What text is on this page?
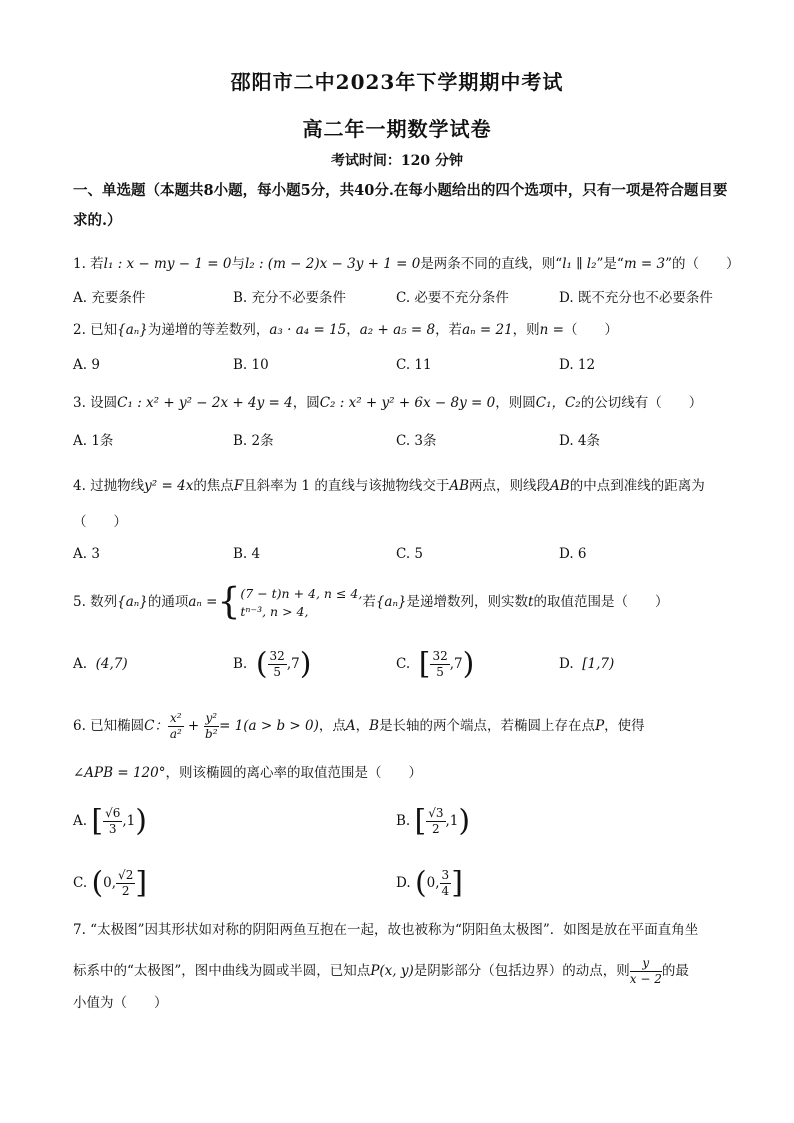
邵阳市二中2023年下学期期中考试
高二年一期数学试卷
考试时间：120 分钟
一、单选题（本题共8小题，每小题5分，共40分.在每小题给出的四个选项中，只有一项是符合题目要求的.）
1. 若l₁ : x − my − 1 = 0与l₂ : (m − 2)x − 3y + 1 = 0是两条不同的直线，则“l₁ ∥ l₂”是“m = 3”的（　　）
A. 充要条件	B. 充分不必要条件	C. 必要不充分条件	D. 既不充分也不必要条件
2. 已知{aₙ}为递增的等差数列，a₃ · a₄ = 15，a₂ + a₅ = 8，若aₙ = 21，则n =（　　）
A. 9	B. 10	C. 11	D. 12
3. 设圆C₁ : x² + y² − 2x + 4y = 4，圆C₂ : x² + y² + 6x − 8y = 0，则圆C₁，C₂的公切线有（　　）
A. 1条	B. 2条	C. 3条	D. 4条
4. 过抛物线y² = 4x的焦点F且斜率为 1 的直线与该抛物线交于AB两点，则线段AB的中点到准线的距离为（　　）
A. 3	B. 4	C. 5	D. 6
5. 数列{aₙ}的通项aₙ ={ (7 − t)n + 4, n ≤ 4,
tⁿ⁻³, n > 4,
若{aₙ}是递增数列，则实数t的取值范围是（　　）
A. (4,7)	B. ( $\frac{32}{5} ,7$)	C. [ $\frac{32}{5} ,7$)	D. [1,7)
6. 已知椭圆C： $\frac{\text{x²}}{\text{a²}} + \frac{\text{y²}}{\text{b²}} = 1(a > b > 0)$，点A，B是长轴的两个端点，若椭圆上存在点P，使得
∠APB = 120°，则该椭圆的离心率的取值范围是（　　）
A. [ $\frac{√6}{3} ,1$)	B. [ $\frac{√3}{2} ,1$)
C. (0, $\frac{√2}{2}$ ]	D. (0, $\frac{3}{4}$ ]
7. “太极图”因其形状如对称的阴阳两鱼互抱在一起，故也被称为“阴阳鱼太极图”．如图是放在平面直角坐
标系中的“太极图”，图中曲线为圆或半圆，已知点P(x, y)是阴影部分（包括边界）的动点，则 $\frac{y}{x - 2}$ 的最
小值为（　　）
